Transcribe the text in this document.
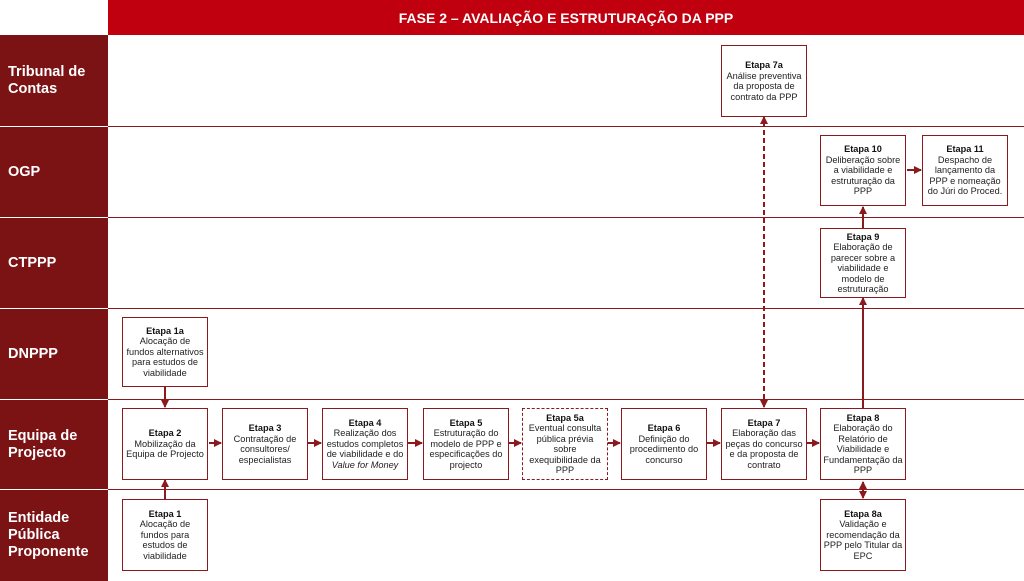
FASE 2 – AVALIAÇÃO E ESTRUTURAÇÃO DA PPP
Tribunal de Contas
OGP
CTPPP
DNPPP
Equipa de Projecto
Entidade Pública Proponente
Etapa 7a
Análise preventiva da proposta de contrato da PPP
Etapa 10
Deliberação sobre a viabilidade e estruturação da PPP
Etapa 11
Despacho de lançamento da PPP e nomeação do Júri do Proced.
Etapa 9
Elaboração de parecer sobre a viabilidade e modelo de estruturação
Etapa 1a
Alocação de fundos alternativos para estudos de viabilidade
Etapa 2
Mobilização da Equipa de Projecto
Etapa 3
Contratação de consultores/ especialistas
Etapa 4
Realização dos estudos completos de viabilidade e do Value for Money
Etapa 5
Estruturação do modelo de PPP e especificações do projecto
Etapa 5a
Eventual consulta pública prévia sobre exequibilidade da PPP
Etapa 6
Definição do procedimento do concurso
Etapa 7
Elaboração das peças do concurso e da proposta de contrato
Etapa 8
Elaboração do Relatório de Viabilidade e Fundamentação da PPP
Etapa 1
Alocação de fundos para estudos de viabilidade
Etapa 8a
Validação e recomendação da PPP pelo Titular da EPC
